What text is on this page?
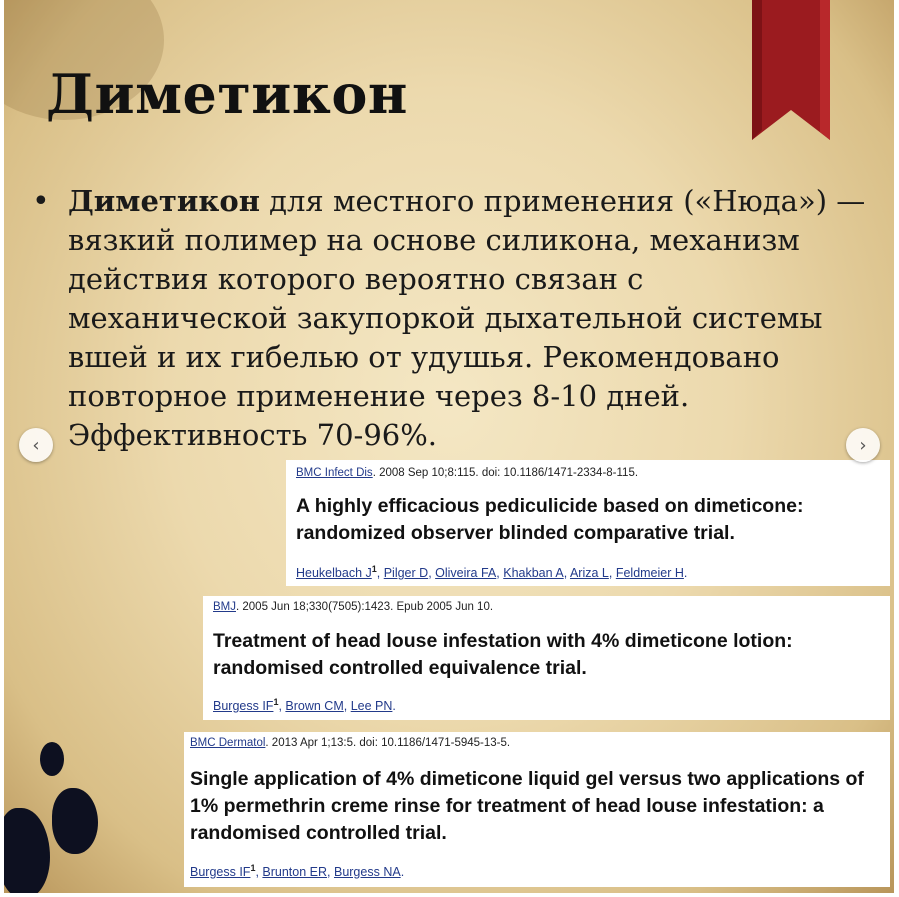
Диметикон
• Диметикон для местного применения («Нюда») — вязкий полимер на основе силикона, механизм действия которого вероятно связан с механической закупоркой дыхательной системы вшей и их гибелью от удушья. Рекомендовано повторное применение через 8-10 дней. Эффективность 70-96%.
BMC Infect Dis. 2008 Sep 10;8:115. doi: 10.1186/1471-2334-8-115.
A highly efficacious pediculicide based on dimeticone: randomized observer blinded comparative trial.
Heukelbach $J^1$, Pilger D, Oliveira FA, Khakban A, Ariza L, Feldmeier H.
BMJ. 2005 Jun 18;330(7505):1423. Epub 2005 Jun 10.
Treatment of head louse infestation with 4% dimeticone lotion: randomised controlled equivalence trial.
Burgess $IF^1$, Brown CM, Lee PN.
BMC Dermatol. 2013 Apr 1;13:5. doi: 10.1186/1471-5945-13-5.
Single application of 4% dimeticone liquid gel versus two applications of 1% permethrin creme rinse for treatment of head louse infestation: a randomised controlled trial.
Burgess $IF^1$, Brunton ER, Burgess NA.
‹	›
